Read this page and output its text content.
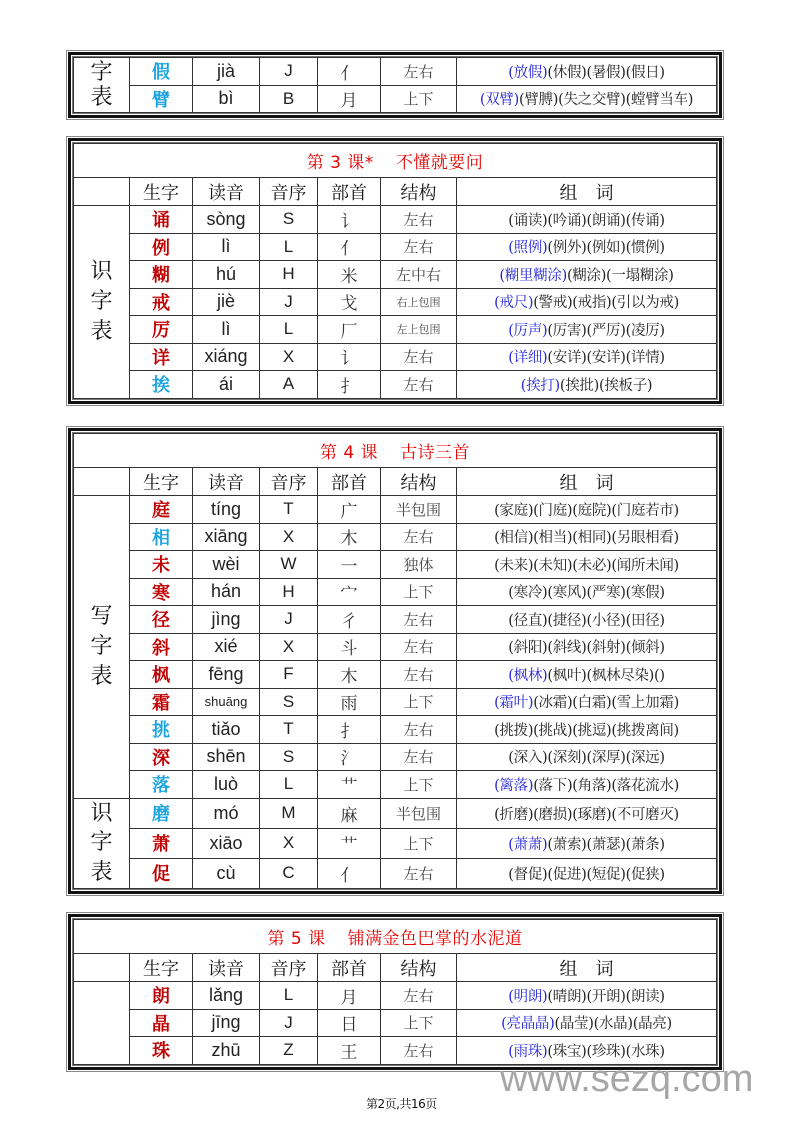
字
表	假	jià	J	亻	左右	(放假)(休假)(暑假)(假日)
	臂	bì	B	月	上下	(双臂)(臂膊)(失之交臂)(螳臂当车)
第 3 课* 不懂就要问						
	生字	读音	音序	部首	结构	组　词

识
字
表	诵	sòng	S	讠	左右	(诵读)(吟诵)(朗诵)(传诵)
	例	lì	L	亻	左右	(照例)(例外)(例如)(惯例)
	糊	hú	H	米	左中右	(糊里糊涂)(糊涂)(一塌糊涂)
	戒	jiè	J	戈	右上包围	(戒尺)(警戒)(戒指)(引以为戒)
	厉	lì	L	厂	左上包围	(厉声)(厉害)(严厉)(凌厉)
	详	xiáng	X	讠	左右	(详细)(安详)(安详)(详情)
	挨	ái	A	扌	左右	(挨打)(挨批)(挨板子)
第 4 课 古诗三首						
	生字	读音	音序	部首	结构	组　词

写
字
表	庭	tíng	T	广	半包围	(家庭)(门庭)(庭院)(门庭若市)
	相	xiāng	X	木	左右	(相信)(相当)(相同)(另眼相看)
	未	wèi	W	一	独体	(未来)(未知)(未必)(闻所未闻)
	寒	hán	H	宀	上下	(寒冷)(寒风)(严寒)(寒假)
	径	jìng	J	彳	左右	(径直)(捷径)(小径)(田径)
	斜	xié	X	斗	左右	(斜阳)(斜线)(斜射)(倾斜)
	枫	fēng	F	木	左右	(枫林)(枫叶)(枫林尽染)()
	霜	shuāng	S	雨	上下	(霜叶)(冰霜)(白霜)(雪上加霜)
	挑	tiǎo	T	扌	左右	(挑拨)(挑战)(挑逗)(挑拨离间)
	深	shēn	S	氵	左右	(深入)(深刻)(深厚)(深远)
	落	luò	L	艹	上下	(篱落)(落下)(角落)(落花流水)

识
字
表	磨	mó	M	麻	半包围	(折磨)(磨损)(琢磨)(不可磨灭)
	萧	xiāo	X	艹	上下	(萧萧)(萧索)(萧瑟)(萧条)
	促	cù	C	亻	左右	(督促)(促进)(短促)(促狭)
第 5 课 铺满金色巴掌的水泥道						
	生字	读音	音序	部首	结构	组　词
	朗	lǎng	L	月	左右	(明朗)(晴朗)(开朗)(朗读)
	晶	jīng	J	日	上下	(亮晶晶)(晶莹)(水晶)(晶亮)
	珠	zhū	Z	王	左右	(雨珠)(珠宝)(珍珠)(水珠)
www.sezq.com
第2页,共16页
